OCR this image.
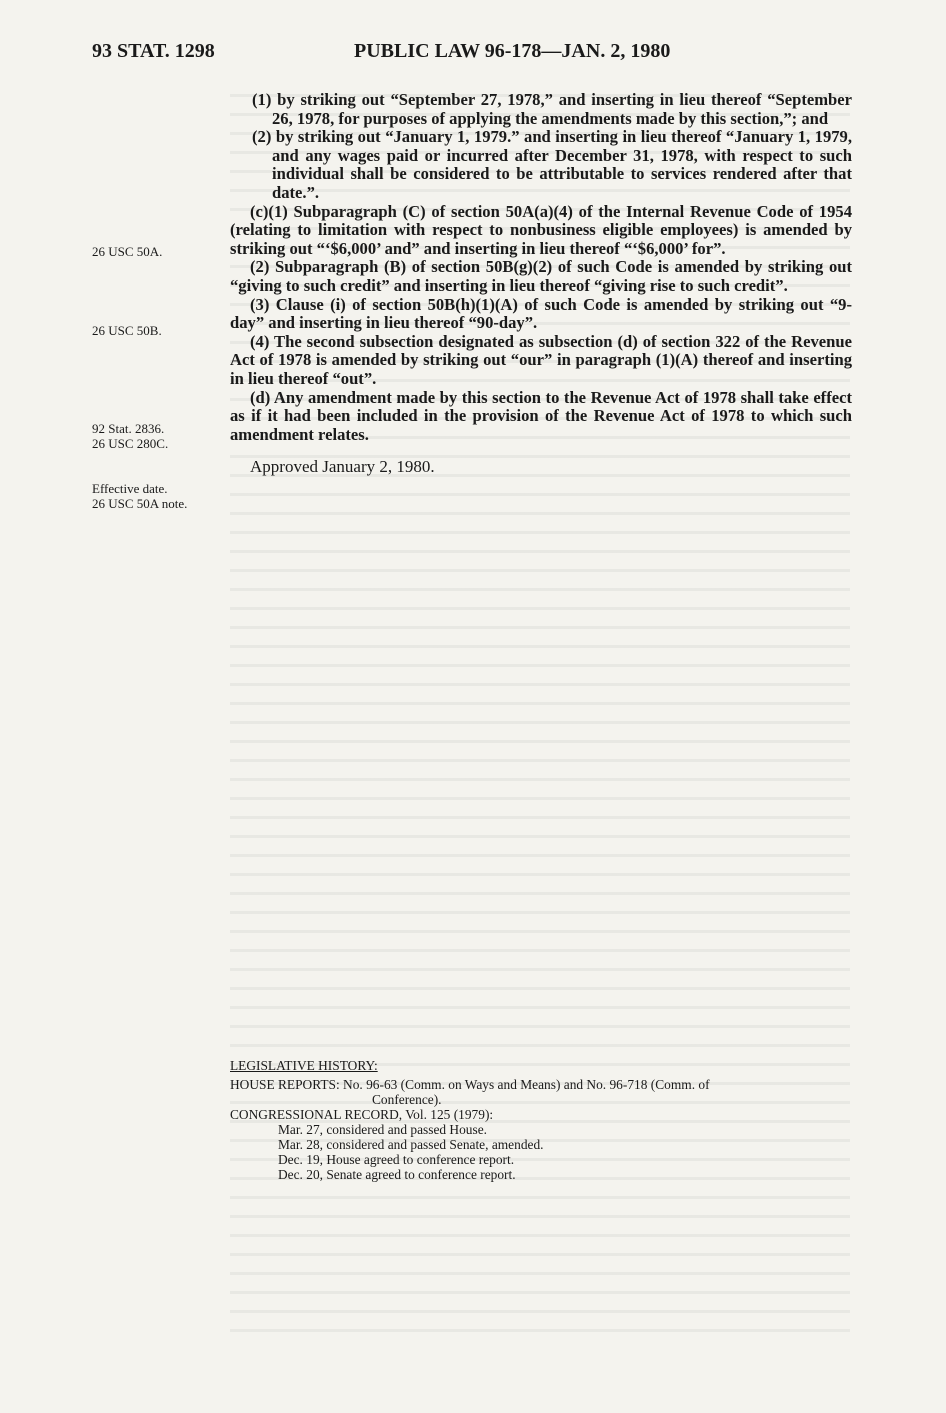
93 STAT. 1298	PUBLIC LAW 96-178—JAN. 2, 1980
26 USC 50A.
26 USC 50B.
92 Stat. 2836.
26 USC 280C.
Effective date.
26 USC 50A note.

(1) by striking out “September 27, 1978,” and inserting in lieu thereof “September 26, 1978, for purposes of applying the amendments made by this section,”; and

(2) by striking out “January 1, 1979.” and inserting in lieu thereof “January 1, 1979, and any wages paid or incurred after December 31, 1978, with respect to such individual shall be considered to be attributable to services rendered after that date.”.

(c)(1) Subparagraph (C) of section 50A(a)(4) of the Internal Revenue Code of 1954 (relating to limitation with respect to nonbusiness eligible employees) is amended by striking out “‘$6,000’ and” and inserting in lieu thereof “‘$6,000’ for”.

(2) Subparagraph (B) of section 50B(g)(2) of such Code is amended by striking out “giving to such credit” and inserting in lieu thereof “giving rise to such credit”.

(3) Clause (i) of section 50B(h)(1)(A) of such Code is amended by striking out “9-day” and inserting in lieu thereof “90-day”.

(4) The second subsection designated as subsection (d) of section 322 of the Revenue Act of 1978 is amended by striking out “our” in paragraph (1)(A) thereof and inserting in lieu thereof “out”.

(d) Any amendment made by this section to the Revenue Act of 1978 shall take effect as if it had been included in the provision of the Revenue Act of 1978 to which such amendment relates.

Approved January 2, 1980.

LEGISLATIVE HISTORY:

HOUSE REPORTS: No. 96-63 (Comm. on Ways and Means) and No. 96-718 (Comm. of

Conference).

CONGRESSIONAL RECORD, Vol. 125 (1979):

Mar. 27, considered and passed House.

Mar. 28, considered and passed Senate, amended.

Dec. 19, House agreed to conference report.

Dec. 20, Senate agreed to conference report.
